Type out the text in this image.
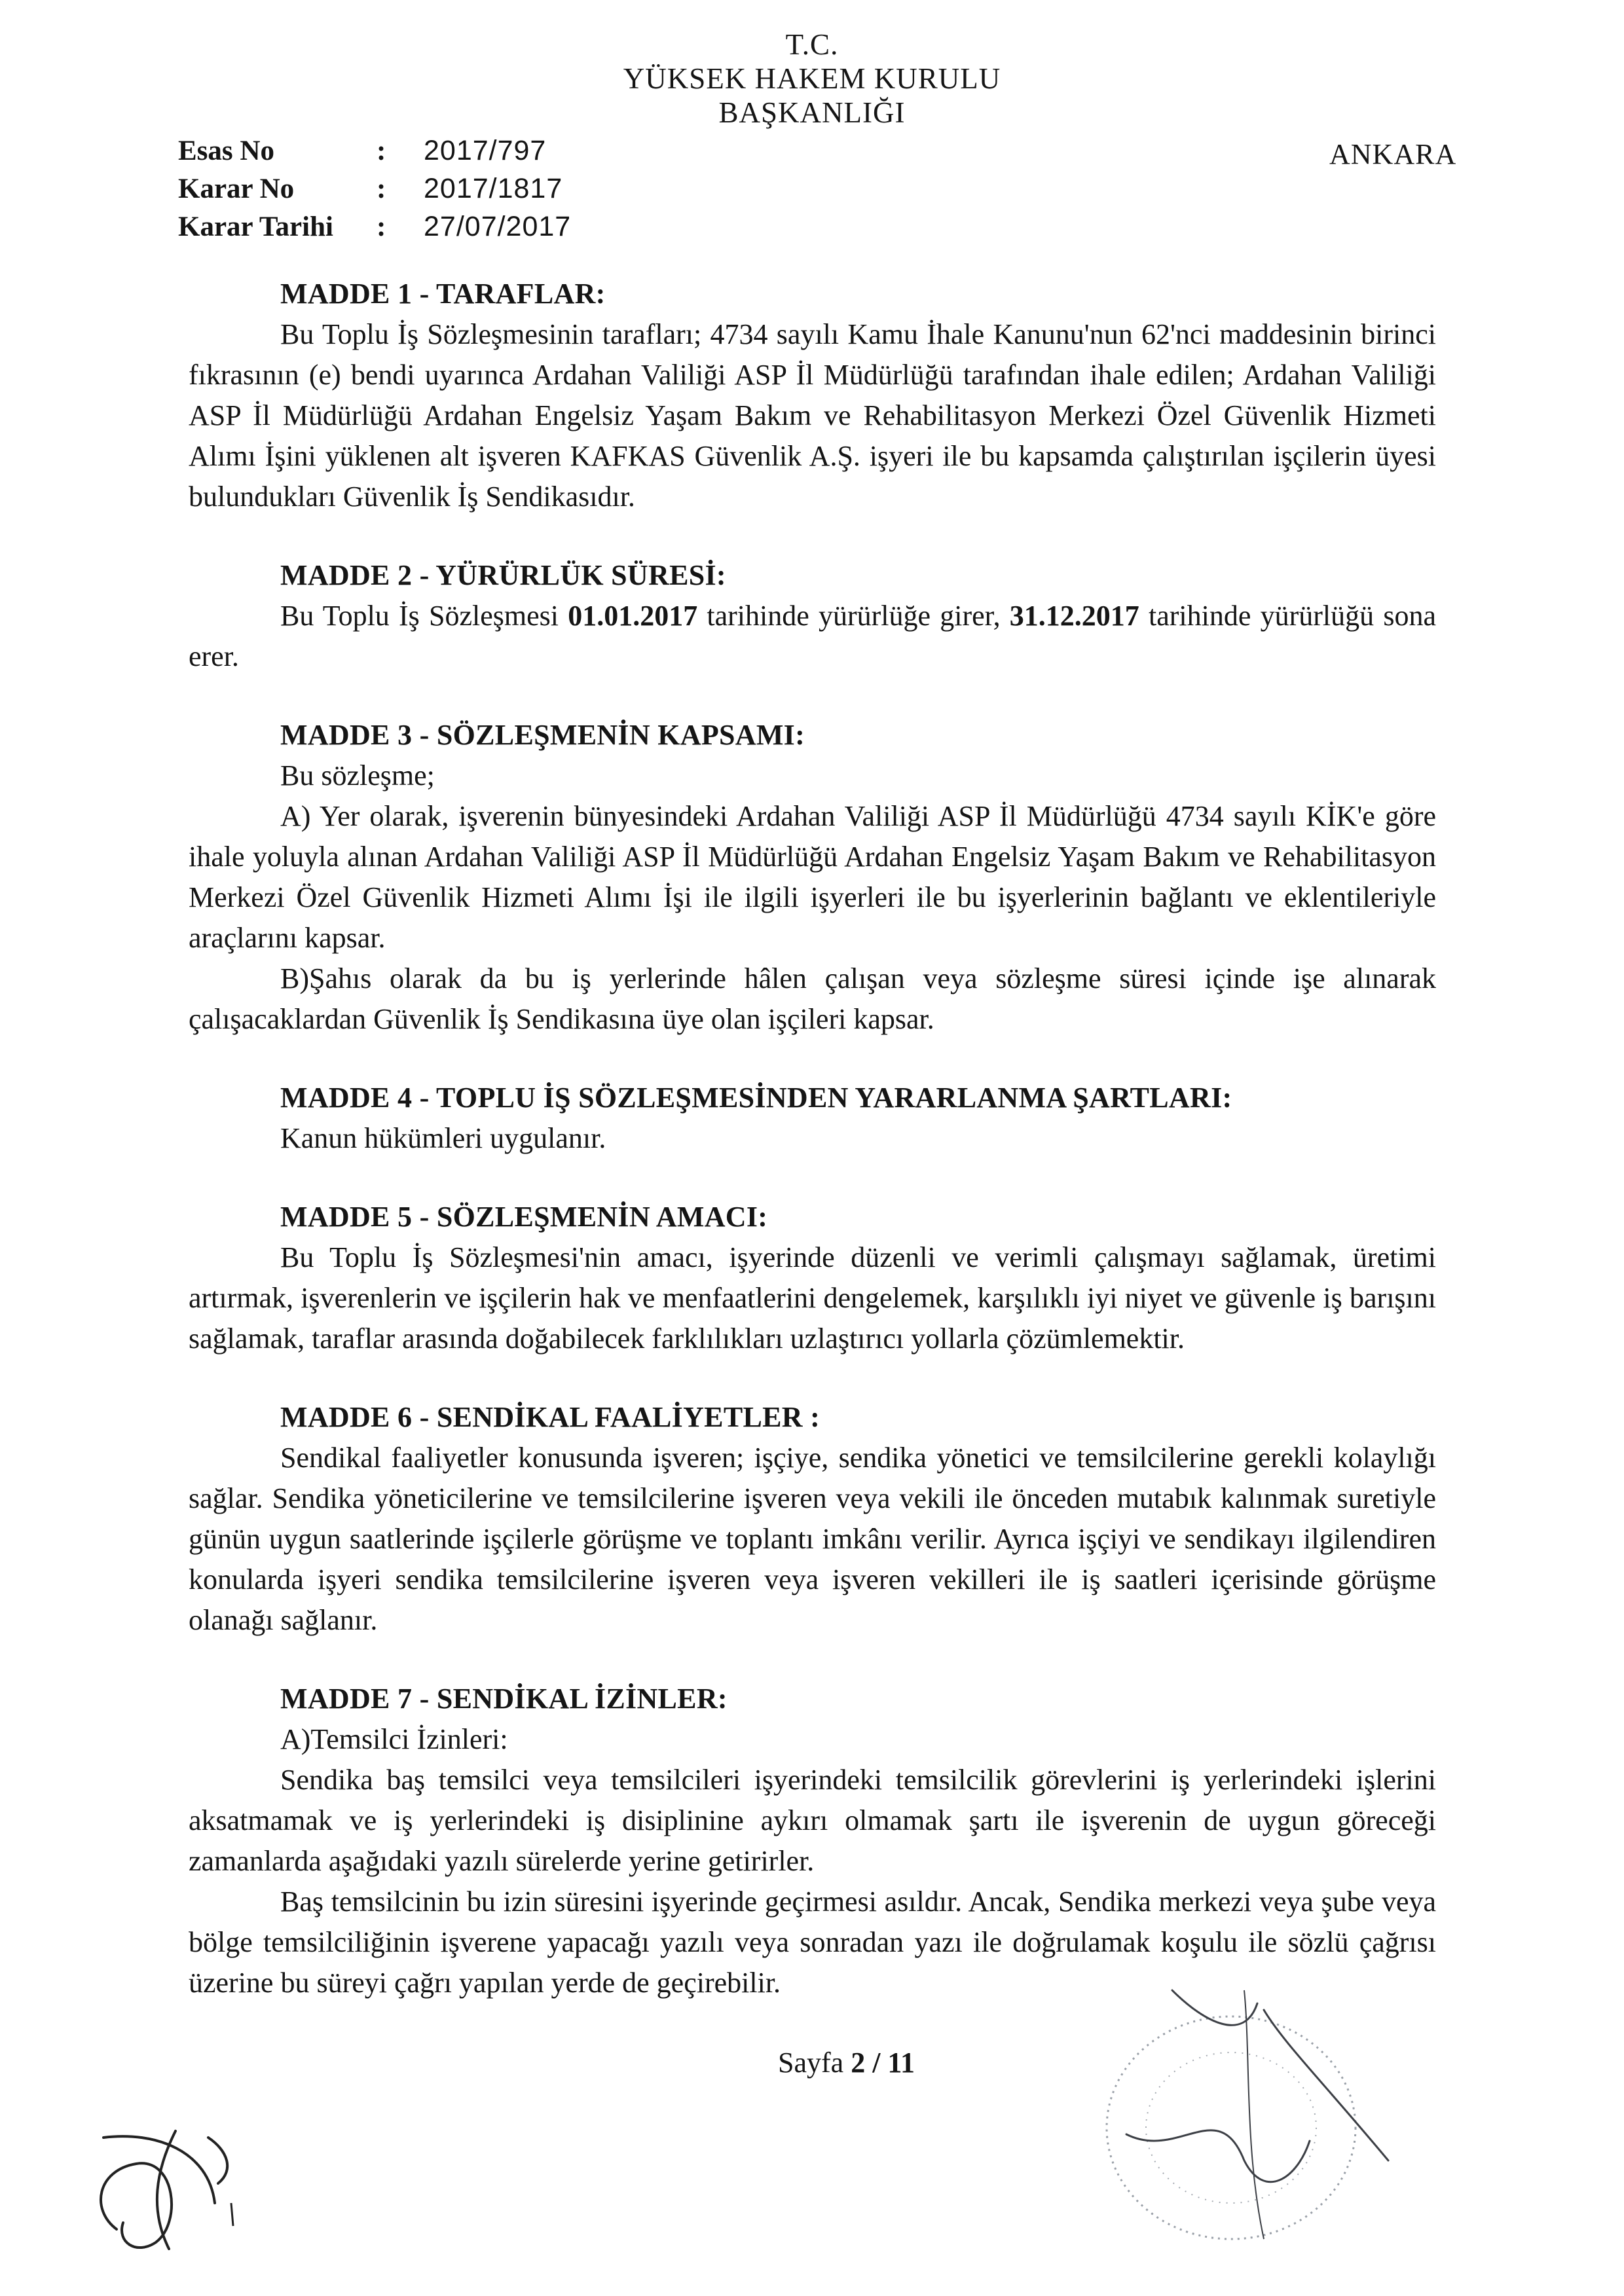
T.C.
YÜKSEK HAKEM KURULU
BAŞKANLIĞI
ANKARA
Esas No	: 2017/797
Karar No	: 2017/1817
Karar Tarihi : 27/07/2017

MADDE 1 - TARAFLAR:

Bu Toplu İş Sözleşmesinin tarafları; 4734 sayılı Kamu İhale Kanunu'nun 62'nci maddesinin birinci fıkrasının (e) bendi uyarınca Ardahan Valiliği ASP İl Müdürlüğü tarafından ihale edilen; Ardahan Valiliği ASP İl Müdürlüğü Ardahan Engelsiz Yaşam Bakım ve Rehabilitasyon Merkezi Özel Güvenlik Hizmeti Alımı İşini yüklenen alt işveren KAFKAS Güvenlik A.Ş. işyeri ile bu kapsamda çalıştırılan işçilerin üyesi bulundukları Güvenlik İş Sendikasıdır.

MADDE 2 - YÜRÜRLÜK SÜRESİ:

Bu Toplu İş Sözleşmesi 01.01.2017 tarihinde yürürlüğe girer, 31.12.2017 tarihinde yürürlüğü sona erer.

MADDE 3 - SÖZLEŞMENİN KAPSAMI:

Bu sözleşme;

A) Yer olarak, işverenin bünyesindeki Ardahan Valiliği ASP İl Müdürlüğü 4734 sayılı KİK'e göre ihale yoluyla alınan Ardahan Valiliği ASP İl Müdürlüğü Ardahan Engelsiz Yaşam Bakım ve Rehabilitasyon Merkezi Özel Güvenlik Hizmeti Alımı İşi ile ilgili işyerleri ile bu işyerlerinin bağlantı ve eklentileriyle araçlarını kapsar.

B)Şahıs olarak da bu iş yerlerinde hâlen çalışan veya sözleşme süresi içinde işe alınarak çalışacaklardan Güvenlik İş Sendikasına üye olan işçileri kapsar.

MADDE 4 - TOPLU İŞ SÖZLEŞMESİNDEN YARARLANMA ŞARTLARI:

Kanun hükümleri uygulanır.

MADDE 5 - SÖZLEŞMENİN AMACI:

Bu Toplu İş Sözleşmesi'nin amacı, işyerinde düzenli ve verimli çalışmayı sağlamak, üretimi artırmak, işverenlerin ve işçilerin hak ve menfaatlerini dengelemek, karşılıklı iyi niyet ve güvenle iş barışını sağlamak, taraflar arasında doğabilecek farklılıkları uzlaştırıcı yollarla çözümlemektir.

MADDE 6 - SENDİKAL FAALİYETLER :

Sendikal faaliyetler konusunda işveren; işçiye, sendika yönetici ve temsilcilerine gerekli kolaylığı sağlar. Sendika yöneticilerine ve temsilcilerine işveren veya vekili ile önceden mutabık kalınmak suretiyle günün uygun saatlerinde işçilerle görüşme ve toplantı imkânı verilir. Ayrıca işçiyi ve sendikayı ilgilendiren konularda işyeri sendika temsilcilerine işveren veya işveren vekilleri ile iş saatleri içerisinde görüşme olanağı sağlanır.

MADDE 7 - SENDİKAL İZİNLER:

A)Temsilci İzinleri:

Sendika baş temsilci veya temsilcileri işyerindeki temsilcilik görevlerini iş yerlerindeki işlerini aksatmamak ve iş yerlerindeki iş disiplinine aykırı olmamak şartı ile işverenin de uygun göreceği zamanlarda aşağıdaki yazılı sürelerde yerine getirirler.

Baş temsilcinin bu izin süresini işyerinde geçirmesi asıldır. Ancak, Sendika merkezi veya şube veya bölge temsilciliğinin işverene yapacağı yazılı veya sonradan yazı ile doğrulamak koşulu ile sözlü çağrısı üzerine bu süreyi çağrı yapılan yerde de geçirebilir.

Sayfa 2 / 11
